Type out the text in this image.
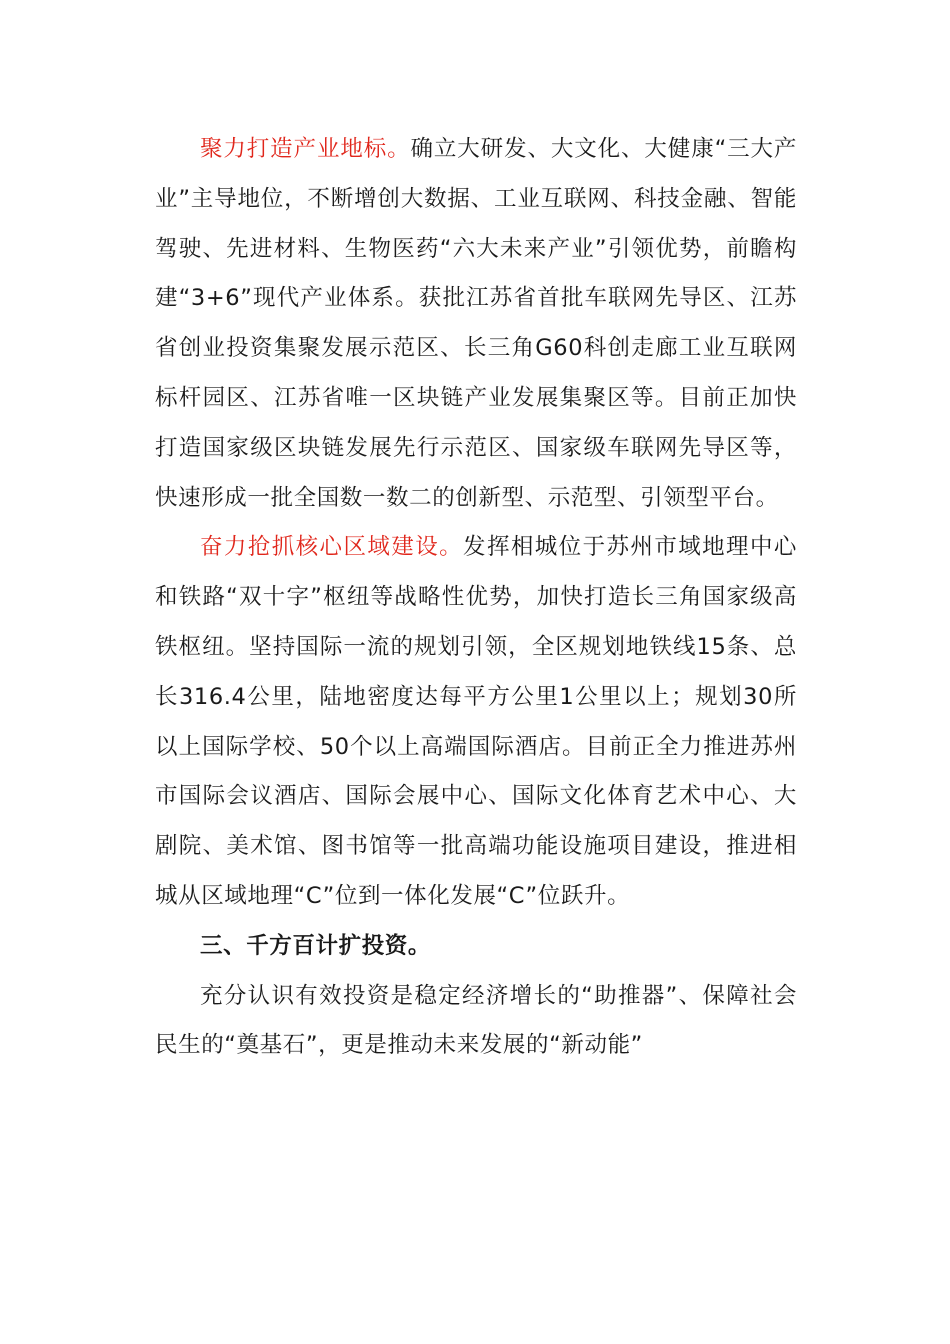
聚力打造产业地标。确立大研发、大文化、大健康“三大产业”主导地位，不断增创大数据、工业互联网、科技金融、智能驾驶、先进材料、生物医药“六大未来产业”引领优势，前瞻构建“3+6”现代产业体系。获批江苏省首批车联网先导区、江苏省创业投资集聚发展示范区、长三角G60科创走廊工业互联网标杆园区、江苏省唯一区块链产业发展集聚区等。目前正加快打造国家级区块链发展先行示范区、国家级车联网先导区等，快速形成一批全国数一数二的创新型、示范型、引领型平台。

奋力抢抓核心区域建设。发挥相城位于苏州市域地理中心和铁路“双十字”枢纽等战略性优势，加快打造长三角国家级高铁枢纽。坚持国际一流的规划引领，全区规划地铁线15条、总长316.4公里，陆地密度达每平方公里1公里以上；规划30所以上国际学校、50个以上高端国际酒店。目前正全力推进苏州市国际会议酒店、国际会展中心、国际文化体育艺术中心、大剧院、美术馆、图书馆等一批高端功能设施项目建设，推进相城从区域地理“C”位到一体化发展“C”位跃升。

三、千方百计扩投资。

充分认识有效投资是稳定经济增长的“助推器”、保障社会民生的“奠基石”，更是推动未来发展的“新动能”
